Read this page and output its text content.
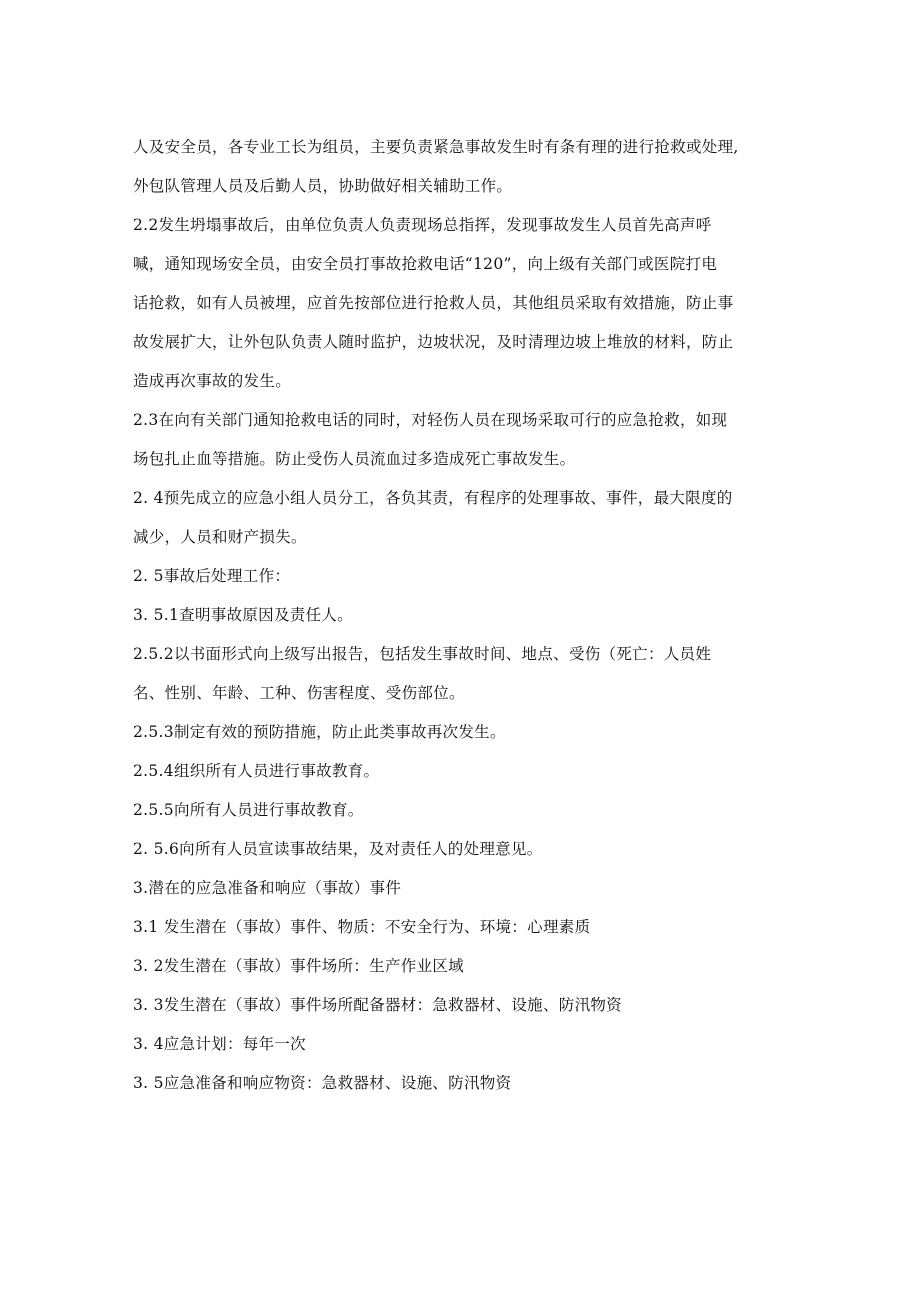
人及安全员，各专业工长为组员，主要负责紧急事故发生时有条有理的进行抢救或处理,

外包队管理人员及后勤人员，协助做好相关辅助工作。

2.2发生坍塌事故后，由单位负责人负责现场总指挥，发现事故发生人员首先高声呼

喊，通知现场安全员，由安全员打事故抢救电话“120”，向上级有关部门或医院打电

话抢救，如有人员被埋，应首先按部位进行抢救人员，其他组员采取有效措施，防止事

故发展扩大，让外包队负责人随时监护，边坡状况，及时清理边坡上堆放的材料，防止

造成再次事故的发生。

2.3在向有关部门通知抢救电话的同时，对轻伤人员在现场采取可行的应急抢救，如现

场包扎止血等措施。防止受伤人员流血过多造成死亡事故发生。

2. 4预先成立的应急小组人员分工，各负其责，有程序的处理事故、事件，最大限度的

减少，人员和财产损失。

2. 5事故后处理工作：

3. 5.1查明事故原因及责任人。

2.5.2以书面形式向上级写出报告，包括发生事故时间、地点、受伤（死亡：人员姓

名、性别、年龄、工种、伤害程度、受伤部位。

2.5.3制定有效的预防措施，防止此类事故再次发生。

2.5.4组织所有人员进行事故教育。

2.5.5向所有人员进行事故教育。

2. 5.6向所有人员宣读事故结果，及对责任人的处理意见。

3.潜在的应急准备和响应（事故）事件

3.1 发生潜在（事故）事件、物质：不安全行为、环境：心理素质

3. 2发生潜在（事故）事件场所：生产作业区域

3. 3发生潜在（事故）事件场所配备器材：急救器材、设施、防汛物资

3. 4应急计划：每年一次

3. 5应急准备和响应物资：急救器材、设施、防汛物资
